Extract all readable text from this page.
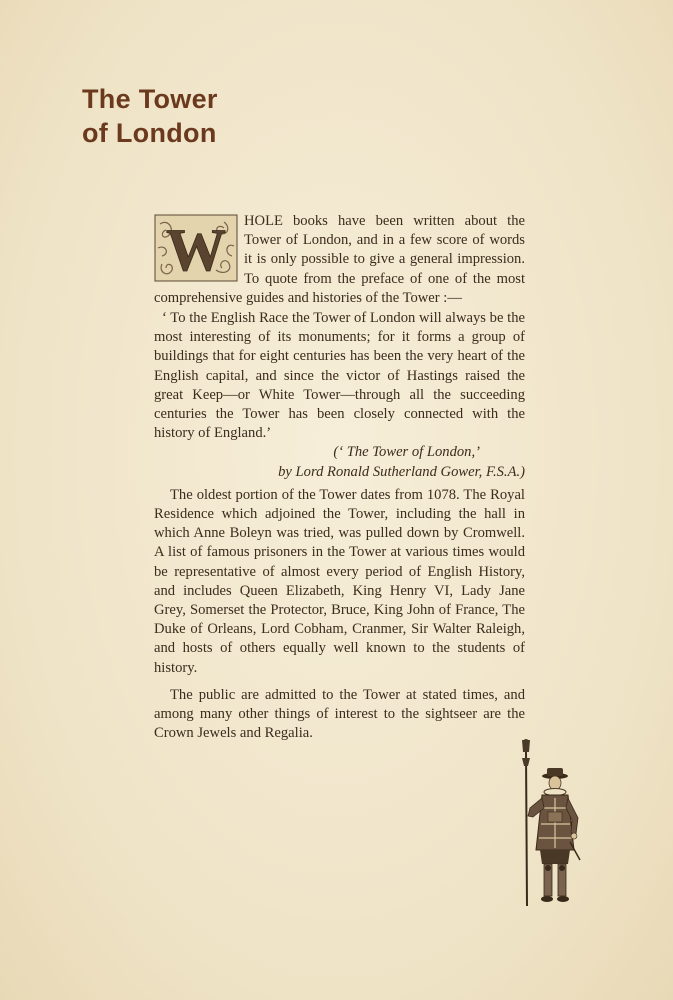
The Tower
of London

W HOLE books have been written about the Tower of London, and in a few score of words it is only possible to give a general impression. To quote from the preface of one of the most comprehensive guides and histories of the Tower :—

‘ To the English Race the Tower of London will always be the most interesting of its monuments; for it forms a group of buildings that for eight centuries has been the very heart of the English capital, and since the victor of Hastings raised the great Keep—or White Tower—through all the succeeding centuries the Tower has been closely connected with the history of England.’

(‘ The Tower of London,’
by Lord Ronald Sutherland Gower, F.S.A.)

The oldest portion of the Tower dates from 1078. The Royal Residence which adjoined the Tower, including the hall in which Anne Boleyn was tried, was pulled down by Cromwell. A list of famous prisoners in the Tower at various times would be representative of almost every period of English History, and includes Queen Elizabeth, King Henry VI, Lady Jane Grey, Somerset the Protector, Bruce, King John of France, The Duke of Orleans, Lord Cobham, Cranmer, Sir Walter Raleigh, and hosts of others equally well known to the students of history.

The public are admitted to the Tower at stated times, and among many other things of interest to the sightseer are the Crown Jewels and Regalia.
